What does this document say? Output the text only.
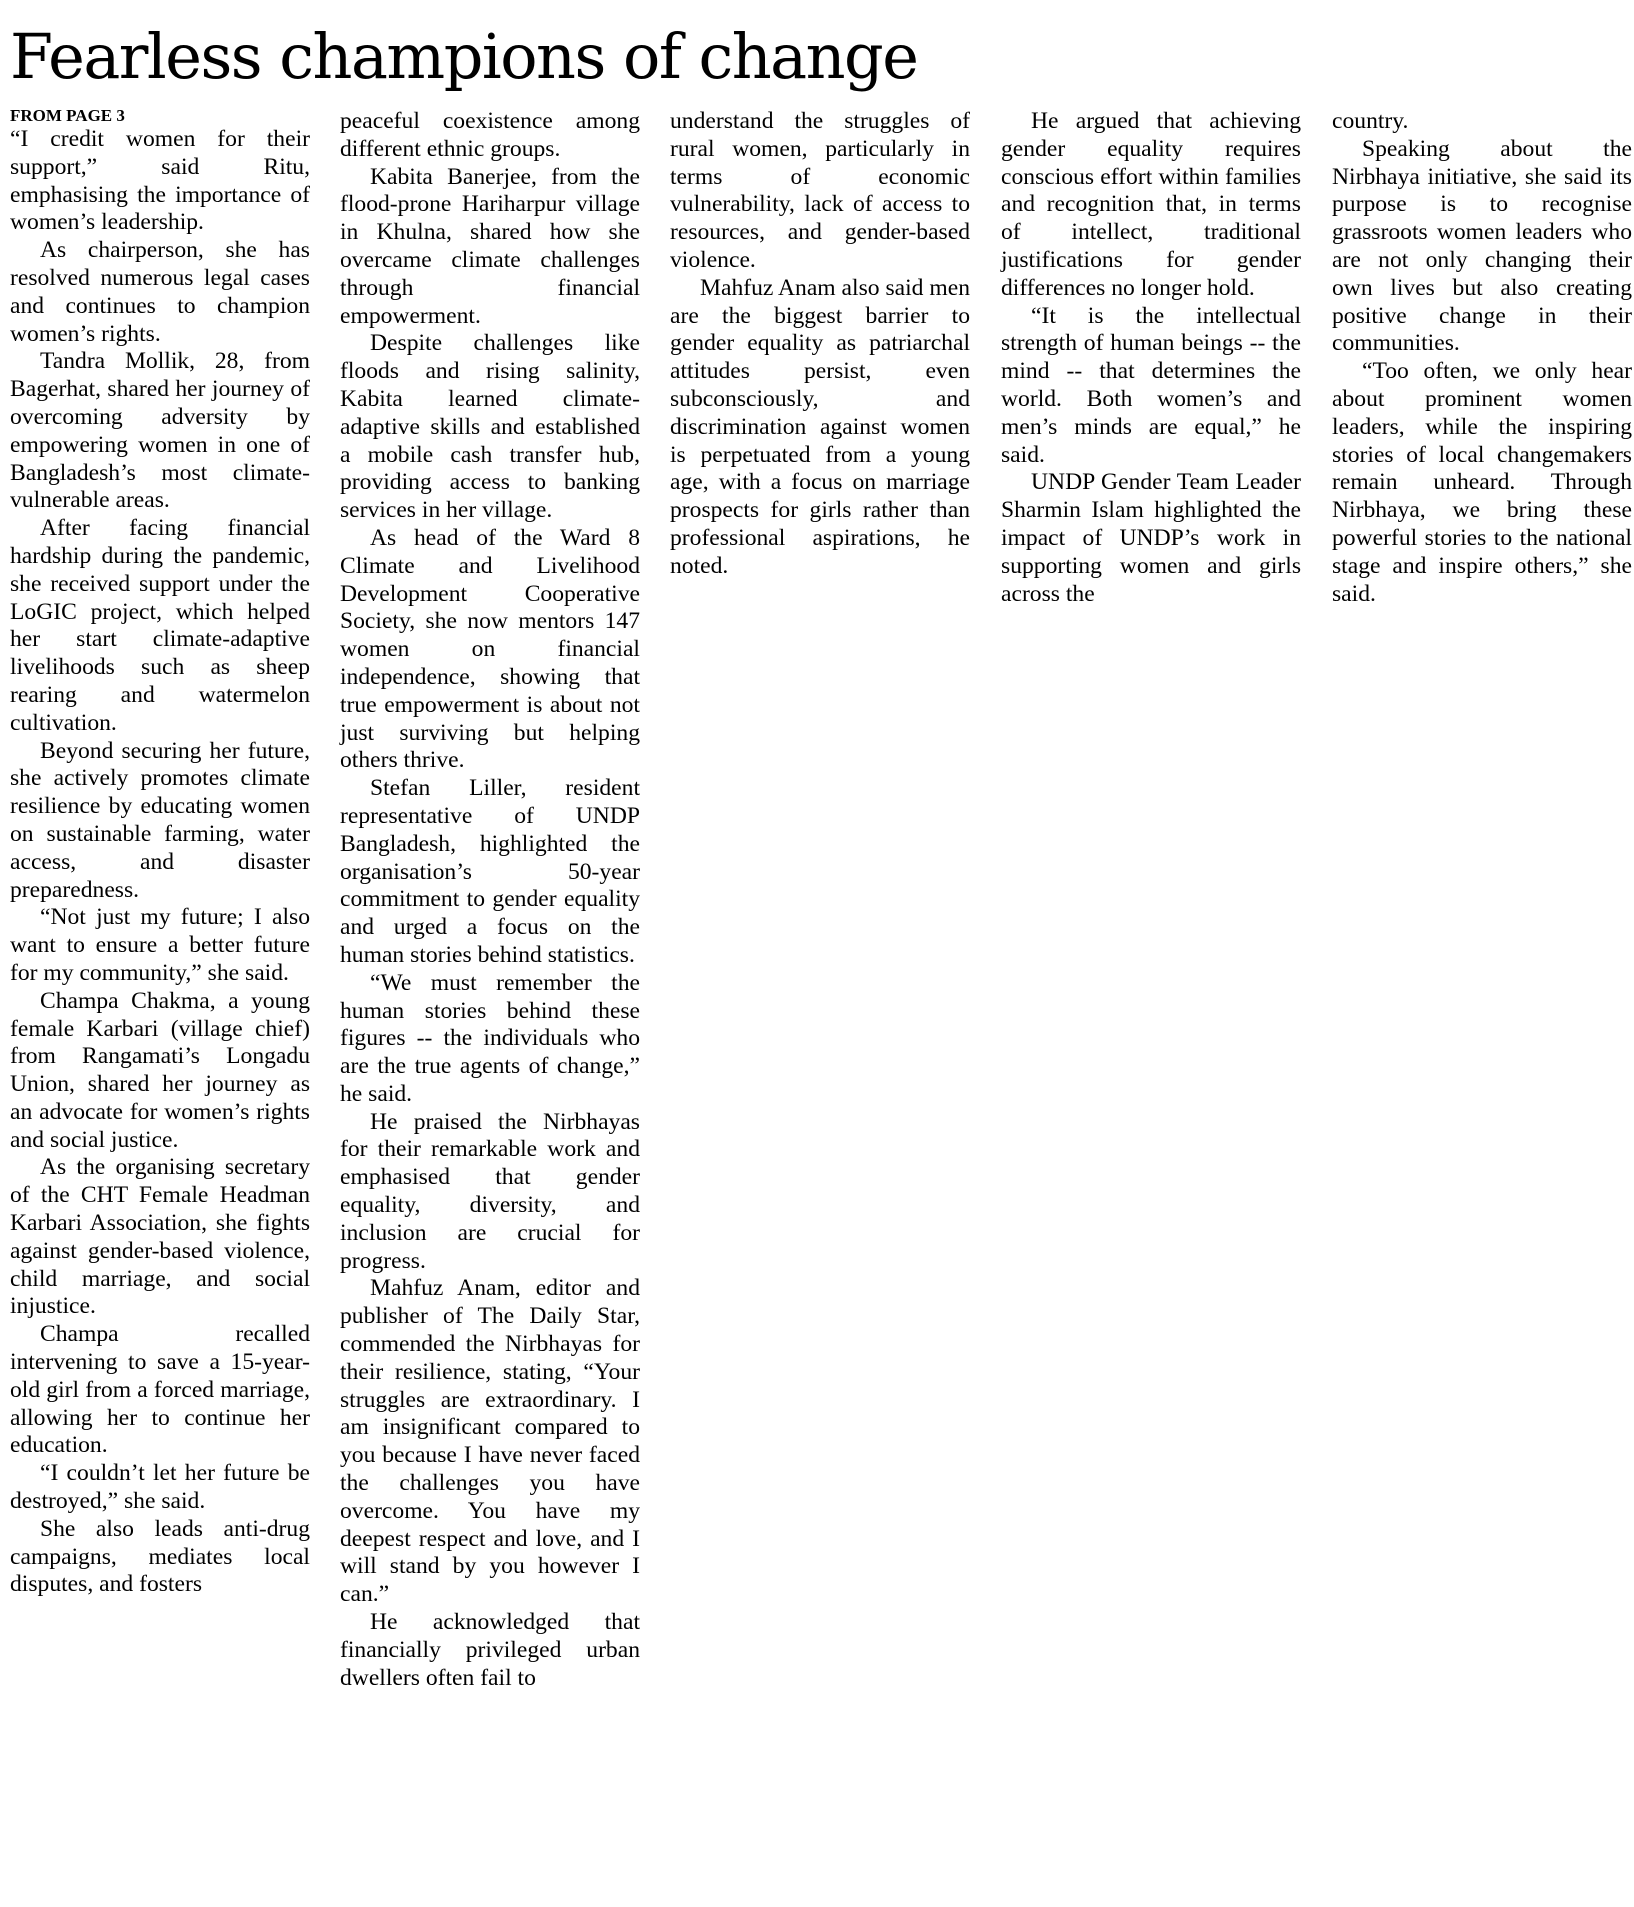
Fearless champions of change
FROM PAGE 3

“I credit women for their support,” said Ritu, emphasising the importance of women’s leadership.

As chairperson, she has resolved numerous legal cases and continues to champion women’s rights.

Tandra Mollik, 28, from Bagerhat, shared her journey of overcoming adversity by empowering women in one of Bangladesh’s most climate-vulnerable areas.

After facing financial hardship during the pandemic, she received support under the LoGIC project, which helped her start climate-adaptive livelihoods such as sheep rearing and watermelon cultivation.

Beyond securing her future, she actively promotes climate resilience by educating women on sustainable farming, water access, and disaster preparedness.

“Not just my future; I also want to ensure a better future for my community,” she said.

Champa Chakma, a young female Karbari (village chief) from Rangamati’s Longadu Union, shared her journey as an advocate for women’s rights and social justice.

As the organising secretary of the CHT Female Headman Karbari Association, she fights against gender-based violence, child marriage, and social injustice.

Champa recalled intervening to save a 15-year-old girl from a forced marriage, allowing her to continue her education.

“I couldn’t let her future be destroyed,” she said.

She also leads anti-drug campaigns, mediates local disputes, and fosters

peaceful coexistence among different ethnic groups.

Kabita Banerjee, from the flood-prone Hariharpur village in Khulna, shared how she overcame climate challenges through financial empowerment.

Despite challenges like floods and rising salinity, Kabita learned climate-adaptive skills and established a mobile cash transfer hub, providing access to banking services in her village.

As head of the Ward 8 Climate and Livelihood Development Cooperative Society, she now mentors 147 women on financial independence, showing that true empowerment is about not just surviving but helping others thrive.

Stefan Liller, resident representative of UNDP Bangladesh, highlighted the organisation’s 50-year commitment to gender equality and urged a focus on the human stories behind statistics.

“We must remember the human stories behind these figures -- the individuals who are the true agents of change,” he said.

He praised the Nirbhayas for their remarkable work and emphasised that gender equality, diversity, and inclusion are crucial for progress.

Mahfuz Anam, editor and publisher of The Daily Star, commended the Nirbhayas for their resilience, stating, “Your struggles are extraordinary. I am insignificant compared to you because I have never faced the challenges you have overcome. You have my deepest respect and love, and I will stand by you however I can.”

He acknowledged that financially privileged urban dwellers often fail to

understand the struggles of rural women, particularly in terms of economic vulnerability, lack of access to resources, and gender-based violence.

Mahfuz Anam also said men are the biggest barrier to gender equality as patriarchal attitudes persist, even subconsciously, and discrimination against women is perpetuated from a young age, with a focus on marriage prospects for girls rather than professional aspirations, he noted.

He argued that achieving gender equality requires conscious effort within families and recognition that, in terms of intellect, traditional justifications for gender differences no longer hold.

“It is the intellectual strength of human beings -- the mind -- that determines the world. Both women’s and men’s minds are equal,” he said.

UNDP Gender Team Leader Sharmin Islam highlighted the impact of UNDP’s work in supporting women and girls across the

country.

Speaking about the Nirbhaya initiative, she said its purpose is to recognise grassroots women leaders who are not only changing their own lives but also creating positive change in their communities.

“Too often, we only hear about prominent women leaders, while the inspiring stories of local changemakers remain unheard. Through Nirbhaya, we bring these powerful stories to the national stage and inspire others,” she said.
